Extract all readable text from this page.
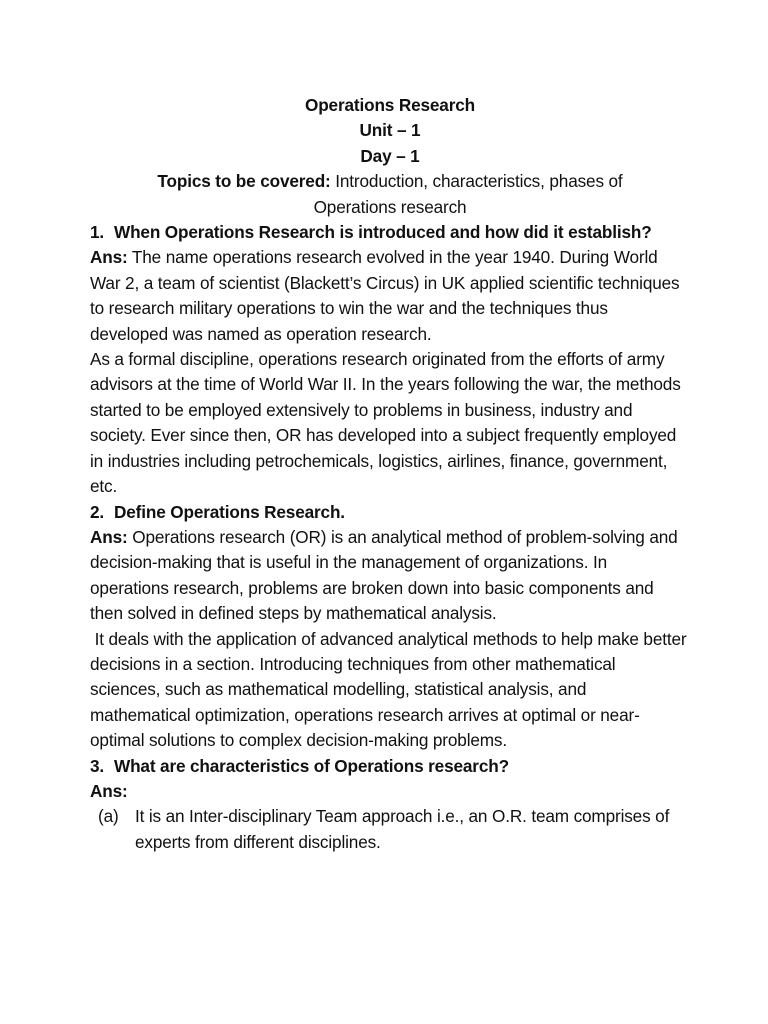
Operations Research
Unit – 1
Day – 1
Topics to be covered: Introduction, characteristics, phases of
Operations research
1. When Operations Research is introduced and how did it establish?

Ans: The name operations research evolved in the year 1940. During World War 2, a team of scientist (Blackett’s Circus) in UK applied scientific techniques to research military operations to win the war and the techniques thus developed was named as operation research.

As a formal discipline, operations research originated from the efforts of army advisors at the time of World War II. In the years following the war, the methods started to be employed extensively to problems in business, industry and society. Ever since then, OR has developed into a subject frequently employed in industries including petrochemicals, logistics, airlines, finance, government, etc.

2. Define Operations Research.

Ans: Operations research (OR) is an analytical method of problem-solving and decision-making that is useful in the management of organizations. In operations research, problems are broken down into basic components and then solved in defined steps by mathematical analysis.

It deals with the application of advanced analytical methods to help make better decisions in a section. Introducing techniques from other mathematical sciences, such as mathematical modelling, statistical analysis, and mathematical optimization, operations research arrives at optimal or near-optimal solutions to complex decision-making problems.

3. What are characteristics of Operations research?

Ans:

(a) It is an Inter-disciplinary Team approach i.e., an O.R. team comprises of experts from different disciplines.
